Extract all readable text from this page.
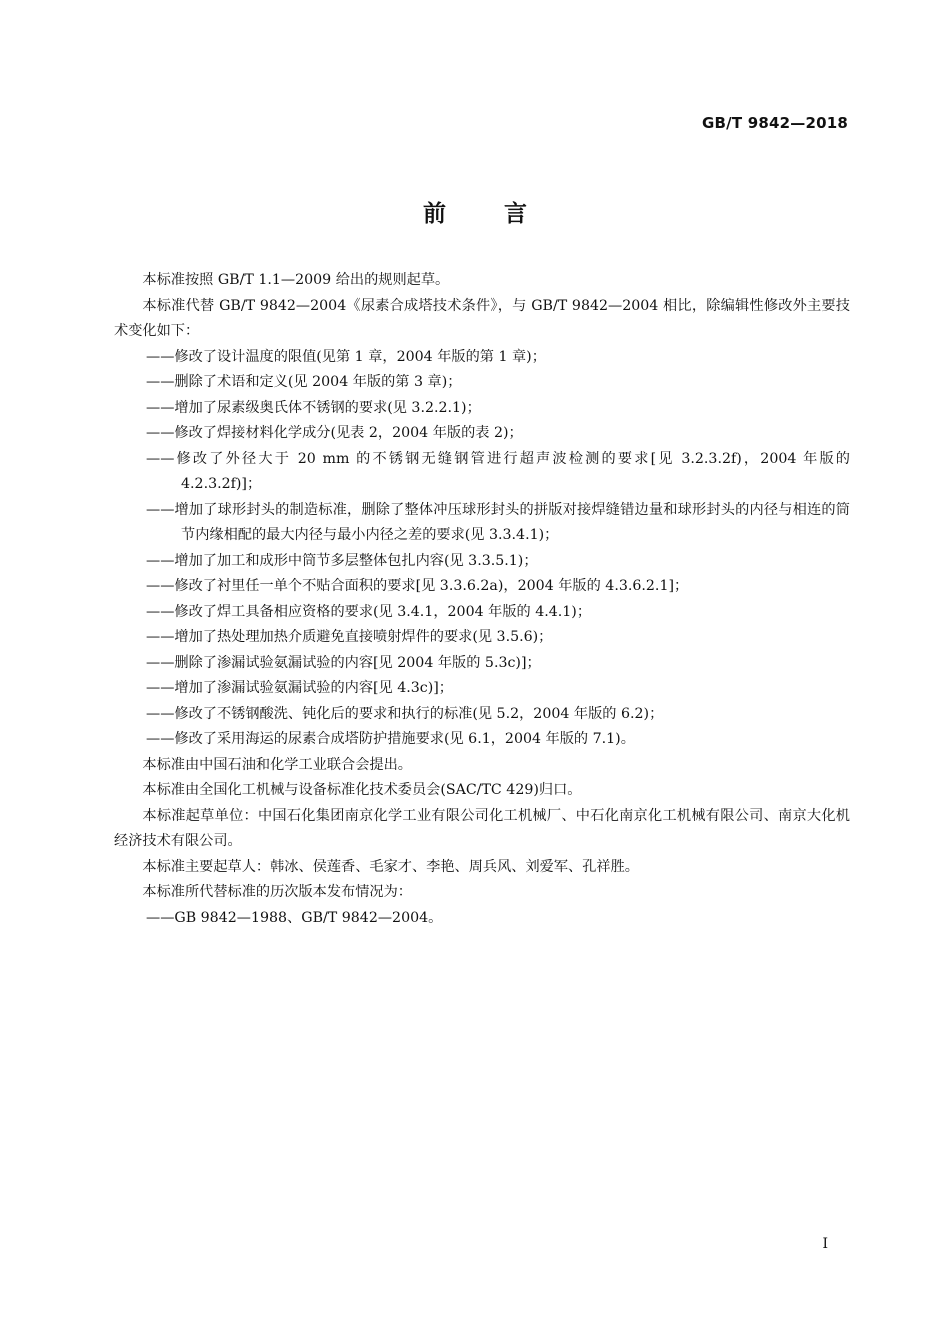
GB/T 9842—2018
前言

本标准按照 GB/T 1.1—2009 给出的规则起草。

本标准代替 GB/T 9842—2004《尿素合成塔技术条件》，与 GB/T 9842—2004 相比，除编辑性修改外主要技术变化如下：

——修改了设计温度的限值(见第 1 章，2004 年版的第 1 章)；

——删除了术语和定义(见 2004 年版的第 3 章)；

——增加了尿素级奥氏体不锈钢的要求(见 3.2.2.1)；

——修改了焊接材料化学成分(见表 2，2004 年版的表 2)；

——修改了外径大于 20 mm 的不锈钢无缝钢管进行超声波检测的要求[见 3.2.3.2f)，2004 年版的 4.2.3.2f)]；

——增加了球形封头的制造标准，删除了整体冲压球形封头的拼版对接焊缝错边量和球形封头的内径与相连的筒节内缘相配的最大内径与最小内径之差的要求(见 3.3.4.1)；

——增加了加工和成形中筒节多层整体包扎内容(见 3.3.5.1)；

——修改了衬里任一单个不贴合面积的要求[见 3.3.6.2a)，2004 年版的 4.3.6.2.1]；

——修改了焊工具备相应资格的要求(见 3.4.1，2004 年版的 4.4.1)；

——增加了热处理加热介质避免直接喷射焊件的要求(见 3.5.6)；

——删除了渗漏试验氨漏试验的内容[见 2004 年版的 5.3c)]；

——增加了渗漏试验氨漏试验的内容[见 4.3c)]；

——修改了不锈钢酸洗、钝化后的要求和执行的标准(见 5.2，2004 年版的 6.2)；

——修改了采用海运的尿素合成塔防护措施要求(见 6.1，2004 年版的 7.1)。

本标准由中国石油和化学工业联合会提出。

本标准由全国化工机械与设备标准化技术委员会(SAC/TC 429)归口。

本标准起草单位：中国石化集团南京化学工业有限公司化工机械厂、中石化南京化工机械有限公司、南京大化机经济技术有限公司。

本标准主要起草人：韩冰、侯莲香、毛家才、李艳、周兵风、刘爱军、孔祥胜。

本标准所代替标准的历次版本发布情况为：

——GB 9842—1988、GB/T 9842—2004。

I
